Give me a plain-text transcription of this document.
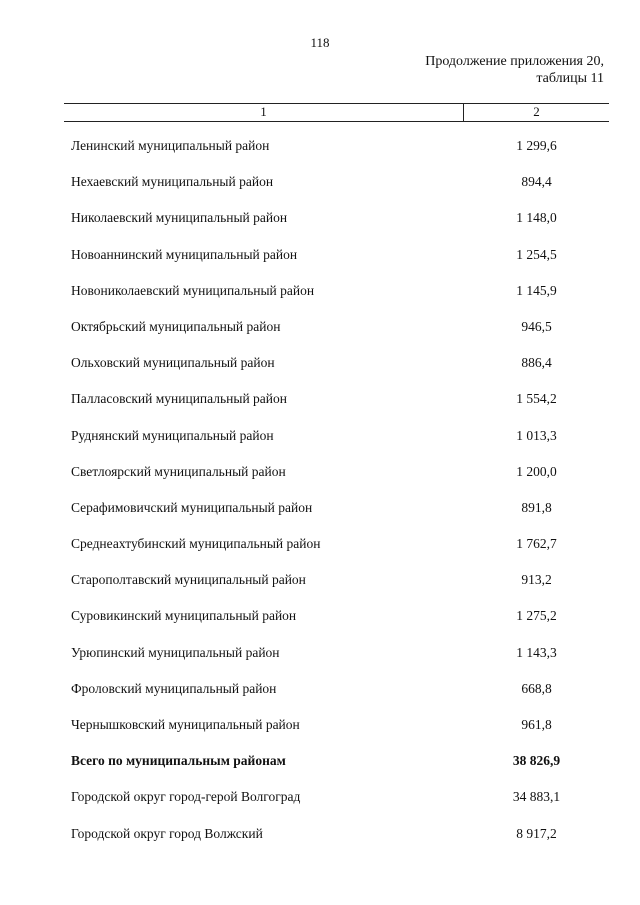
118
Продолжение приложения 20,
таблицы 11
1	2
Ленинский муниципальный район	1 299,6
Нехаевский муниципальный район	894,4
Николаевский муниципальный район	1 148,0
Новоаннинский муниципальный район	1 254,5
Новониколаевский муниципальный район	1 145,9
Октябрьский муниципальный район	946,5
Ольховский муниципальный район	886,4
Палласовский муниципальный район	1 554,2
Руднянский муниципальный район	1 013,3
Светлоярский муниципальный район	1 200,0
Серафимовичский муниципальный район	891,8
Среднеахтубинский муниципальный район	1 762,7
Старополтавский муниципальный район	913,2
Суровикинский муниципальный район	1 275,2
Урюпинский муниципальный район	1 143,3
Фроловский муниципальный район	668,8
Чернышковский муниципальный район	961,8
Всего по муниципальным районам	38 826,9
Городской округ город-герой Волгоград	34 883,1
Городской округ город Волжский	8 917,2
